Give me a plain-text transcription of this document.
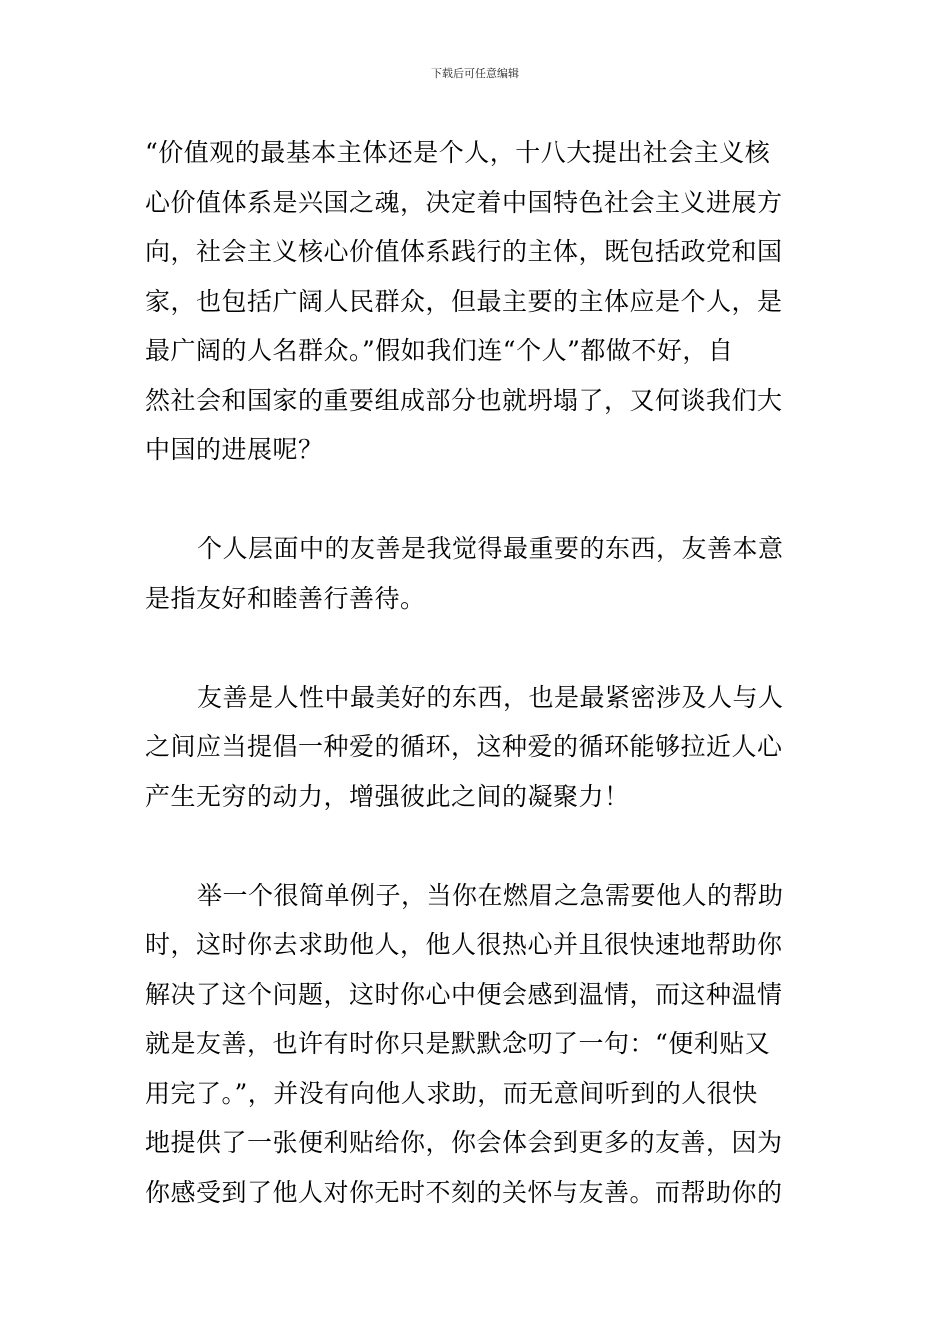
下载后可任意编辑

“价值观的最基本主体还是个人，十八大提出社会主义核
心价值体系是兴国之魂，决定着中国特色社会主义进展方
向，社会主义核心价值体系践行的主体，既包括政党和国
家，也包括广阔人民群众，但最主要的主体应是个人，是
最广阔的人名群众。”假如我们连“个人”都做不好，自
然社会和国家的重要组成部分也就坍塌了，又何谈我们大
中国的进展呢？

个人层面中的友善是我觉得最重要的东西，友善本意
是指友好和睦善行善待。

友善是人性中最美好的东西，也是最紧密涉及人与人
之间应当提倡一种爱的循环，这种爱的循环能够拉近人心
产生无穷的动力，增强彼此之间的凝聚力！

举一个很简单例子，当你在燃眉之急需要他人的帮助
时，这时你去求助他人，他人很热心并且很快速地帮助你
解决了这个问题，这时你心中便会感到温情，而这种温情
就是友善，也许有时你只是默默念叨了一句：“便利贴又
用完了。”，并没有向他人求助，而无意间听到的人很快
地提供了一张便利贴给你，你会体会到更多的友善，因为
你感受到了他人对你无时不刻的关怀与友善。而帮助你的
